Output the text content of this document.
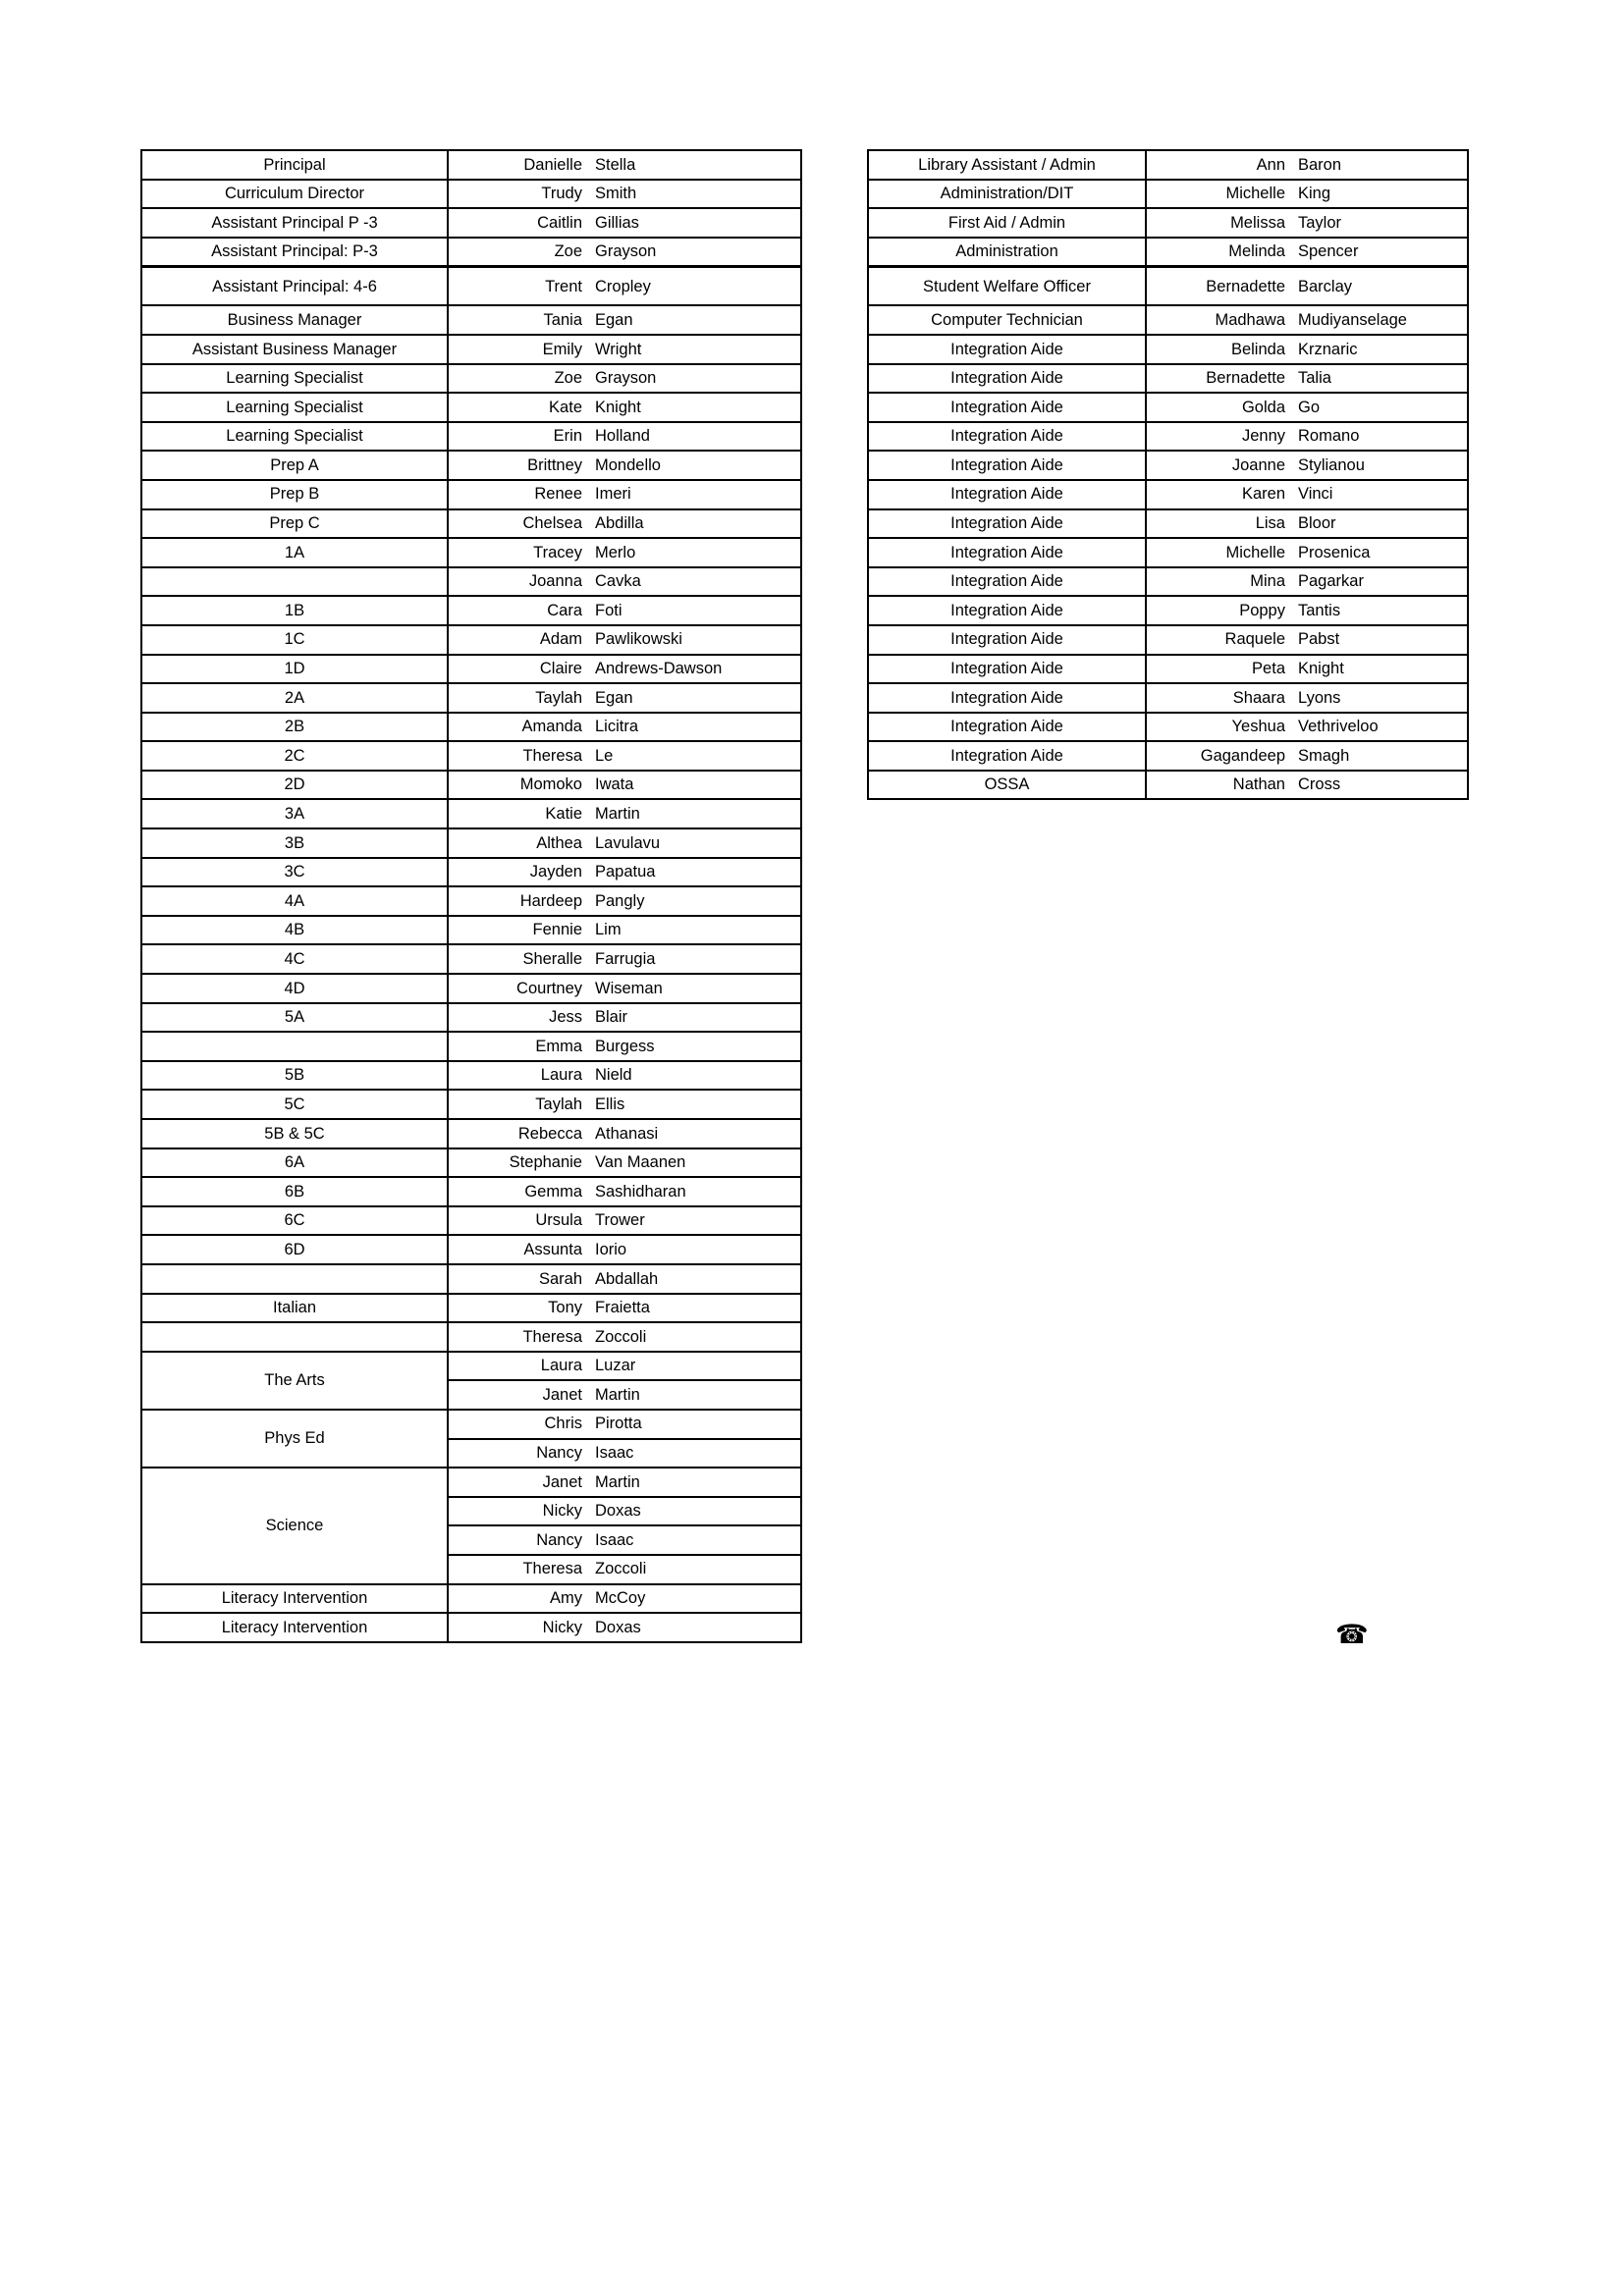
Principal	Danielle	Stella
Curriculum Director	Trudy	Smith
Assistant Principal P -3	Caitlin	Gillias
Assistant Principal: P-3	Zoe	Grayson
Assistant Principal: 4-6	Trent	Cropley
Business Manager	Tania	Egan
Assistant Business Manager	Emily	Wright
Learning Specialist	Zoe	Grayson
Learning Specialist	Kate	Knight
Learning Specialist	Erin	Holland
Prep A	Brittney	Mondello
Prep B	Renee	Imeri
Prep C	Chelsea	Abdilla
1A	Tracey	Merlo
	Joanna	Cavka
1B	Cara	Foti
1C	Adam	Pawlikowski
1D	Claire	Andrews-Dawson
2A	Taylah	Egan
2B	Amanda	Licitra
2C	Theresa	Le
2D	Momoko	Iwata
3A	Katie	Martin
3B	Althea	Lavulavu
3C	Jayden	Papatua
4A	Hardeep	Pangly
4B	Fennie	Lim
4C	Sheralle	Farrugia
4D	Courtney	Wiseman
5A	Jess	Blair
	Emma	Burgess
5B	Laura	Nield
5C	Taylah	Ellis
5B & 5C	Rebecca	Athanasi
6A	Stephanie	Van Maanen
6B	Gemma	Sashidharan
6C	Ursula	Trower
6D	Assunta	Iorio
	Sarah	Abdallah
Italian	Tony	Fraietta
	Theresa	Zoccoli
The Arts	Laura	Luzar
	Janet	Martin
Phys Ed	Chris	Pirotta
	Nancy	Isaac
Science	Janet	Martin
	Nicky	Doxas
	Nancy	Isaac
	Theresa	Zoccoli
Literacy Intervention	Amy	McCoy
Literacy Intervention	Nicky	Doxas
Library Assistant / Admin	Ann	Baron
Administration/DIT	Michelle	King
First Aid / Admin	Melissa	Taylor
Administration	Melinda	Spencer
Student Welfare Officer	Bernadette	Barclay
Computer Technician	Madhawa	Mudiyanselage
Integration Aide	Belinda	Krznaric
Integration Aide	Bernadette	Talia
Integration Aide	Golda	Go
Integration Aide	Jenny	Romano
Integration Aide	Joanne	Stylianou
Integration Aide	Karen	Vinci
Integration Aide	Lisa	Bloor
Integration Aide	Michelle	Prosenica
Integration Aide	Mina	Pagarkar
Integration Aide	Poppy	Tantis
Integration Aide	Raquele	Pabst
Integration Aide	Peta	Knight
Integration Aide	Shaara	Lyons
Integration Aide	Yeshua	Vethriveloo
Integration Aide	Gagandeep	Smagh
OSSA	Nathan	Cross
☎
